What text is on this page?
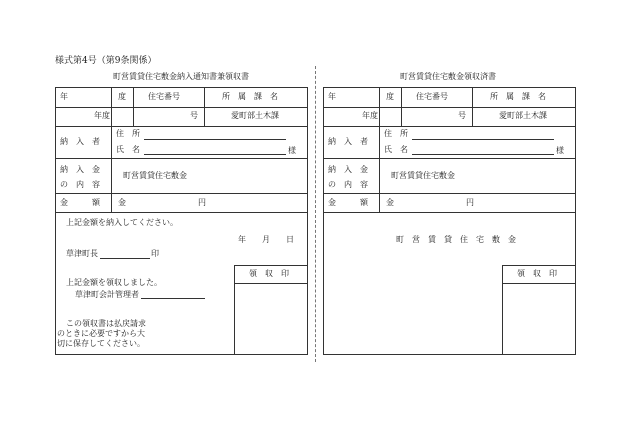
様式第4号（第9条関係）
町営賃貸住宅敷金納入通知書兼領収書	町営賃貸住宅敷金領収済書
年	度	住宅番号	所　属　課　名
年度	号	愛町部土木課
納　入　者
住　所
氏　名	様
納　入　金
の　内　容
町営賃貸住宅敷金
金　　　額 金	円
上記金額を納入してください。
年　　月　　日
草津町長	印
領　収　印
上記金額を領収しました。
草津町会計管理者
この領収書は払戻請求
のときに必要ですから大
切に保存してください。
年	度	住宅番号	所　属　課　名
年度	号	愛町部土木課
納　入　者
住　所
氏　名	様
納　入　金
の　内　容
町営賃貸住宅敷金
金　　　額 金	円
町　営　賃　貸　住　宅　敷　金
領　収　印
